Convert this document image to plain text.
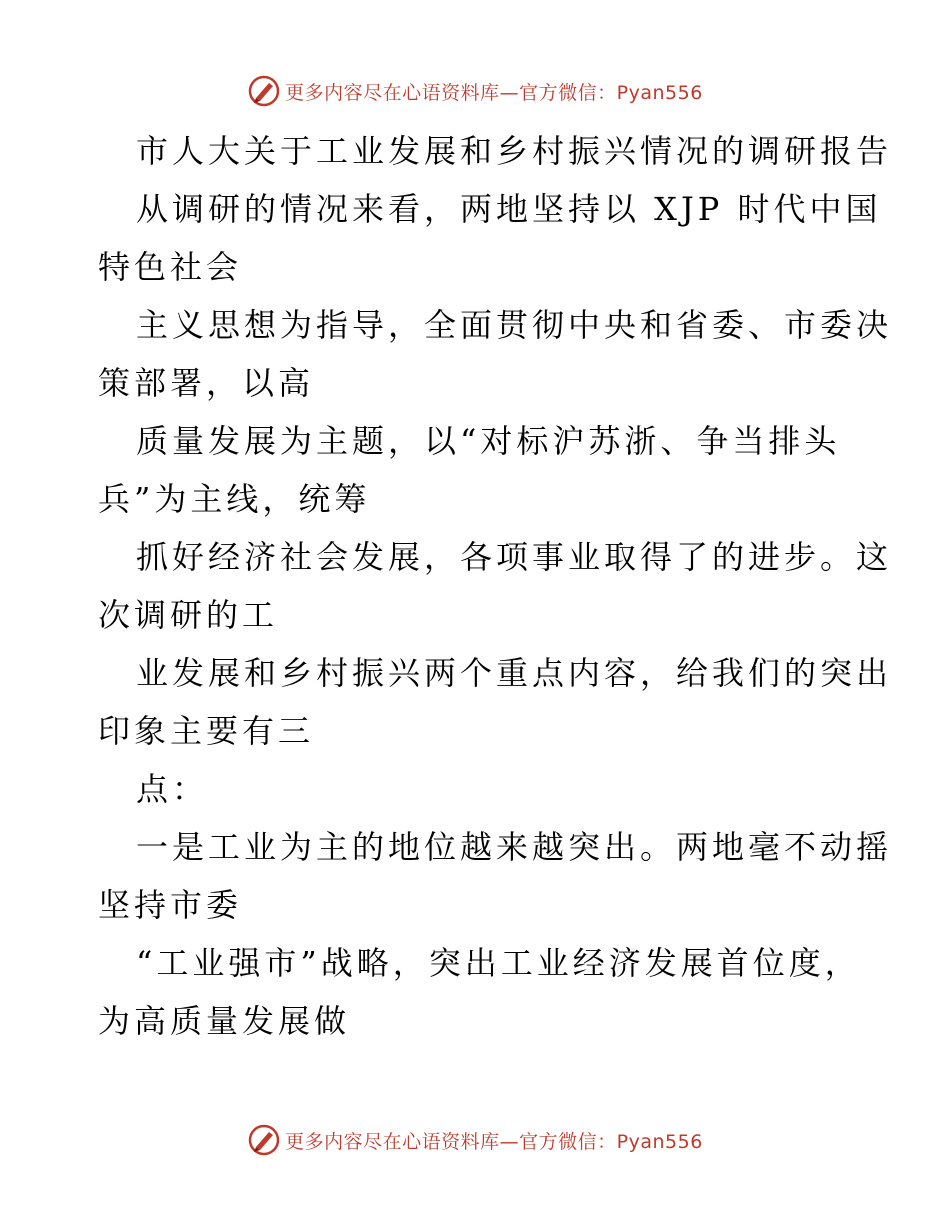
更多内容尽在心语资料库—官方微信：Pyan556
市人大关于工业发展和乡村振兴情况的调研报告
从调研的情况来看，两地坚持以 XJP 时代中国
特色社会
主义思想为指导，全面贯彻中央和省委、市委决
策部署，以高
质量发展为主题，以“对标沪苏浙、争当排头
兵”为主线，统筹
抓好经济社会发展，各项事业取得了的进步。这
次调研的工
业发展和乡村振兴两个重点内容，给我们的突出
印象主要有三
点：
一是工业为主的地位越来越突出。两地毫不动摇
坚持市委
“工业强市”战略，突出工业经济发展首位度，
为高质量发展做
更多内容尽在心语资料库—官方微信：Pyan556
